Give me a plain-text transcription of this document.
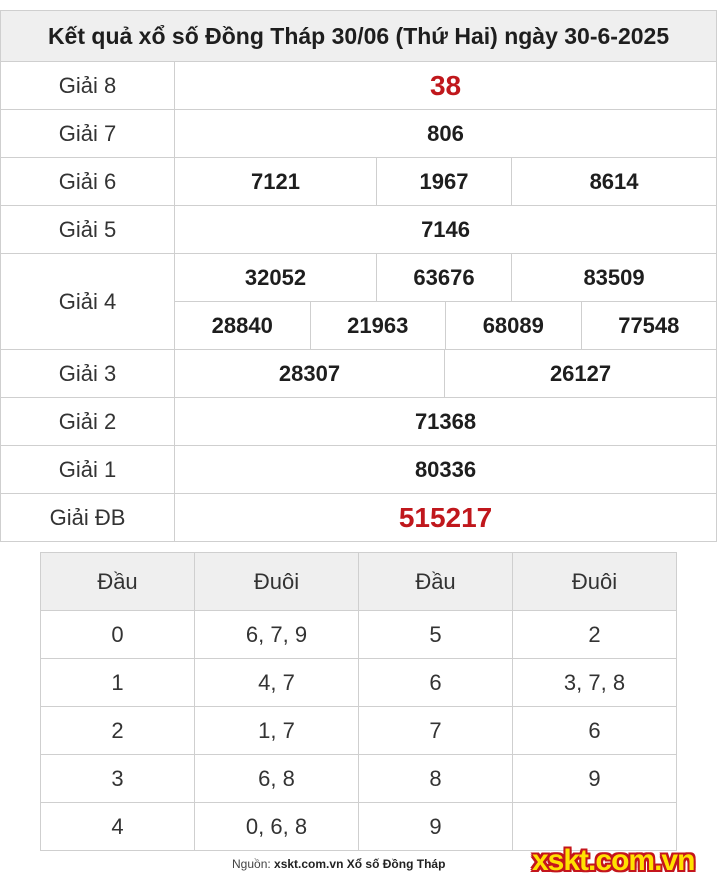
Kết quả xổ số Đồng Tháp 30/06 (Thứ Hai) ngày 30-6-2025				
Giải 8	38			
Giải 7	806			
Giải 6	7121	1967		8614
Giải 5	7146			
Giải 4	32052	63676		83509

28840 21963 68089 77548			

Giải 3	28307		26127	
Giải 2	71368			
Giải 1	80336			
Giải ĐB	515217			
Đầu	Đuôi	Đầu	Đuôi
0	6, 7, 9	5	2
1	4, 7	6	3, 7, 8
2	1, 7	7	6
3	6, 8	8	9
4	0, 6, 8	9	
Nguồn: xskt.com.vn Xổ số Đồng Tháp	xskt.com.vn
